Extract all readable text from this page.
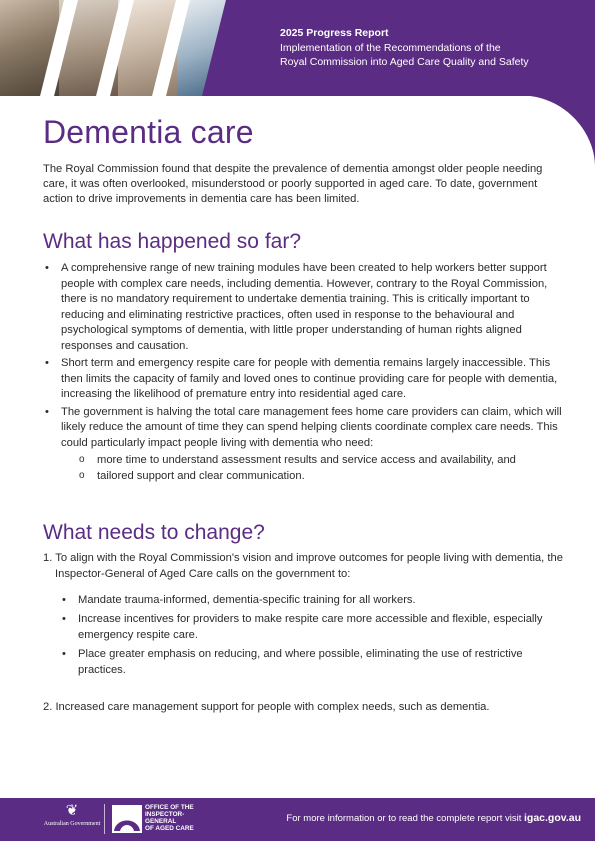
2025 Progress Report
Implementation of the Recommendations of the
Royal Commission into Aged Care Quality and Safety
Dementia care

The Royal Commission found that despite the prevalence of dementia amongst older people needing care, it was often overlooked, misunderstood or poorly supported in aged care. To date, government action to drive improvements in dementia care has been limited.

What has happened so far?
• A comprehensive range of new training modules have been created to help workers better support people with complex care needs, including dementia. However, contrary to the Royal Commission, there is no mandatory requirement to undertake dementia training. This is critically important to reducing and eliminating restrictive practices, often used in response to the behavioural and psychological symptoms of dementia, with little proper understanding of human rights aligned responses and causation.
• Short term and emergency respite care for people with dementia remains largely inaccessible. This then limits the capacity of family and loved ones to continue providing care for people with dementia, increasing the likelihood of premature entry into residential aged care.
• The government is halving the total care management fees home care providers can claim, which will likely reduce the amount of time they can spend helping clients coordinate complex care needs. This could particularly impact people living with dementia who need:
o more time to understand assessment results and service access and availability, and
o tailored support and clear communication.
What needs to change?
1. To align with the Royal Commission's vision and improve outcomes for people living with dementia, the Inspector-General of Aged Care calls on the government to:
• Mandate trauma-informed, dementia-specific training for all workers.
• Increase incentives for providers to make respite care more accessible and flexible, especially emergency respite care.
• Place greater emphasis on reducing, and where possible, eliminating the use of restrictive practices.
2. Increased care management support for people with complex needs, such as dementia.
❦
Australian Government
OFFICE OF THE
INSPECTOR-
GENERAL
OF AGED CARE
For more information or to read the complete report visit igac.gov.au
